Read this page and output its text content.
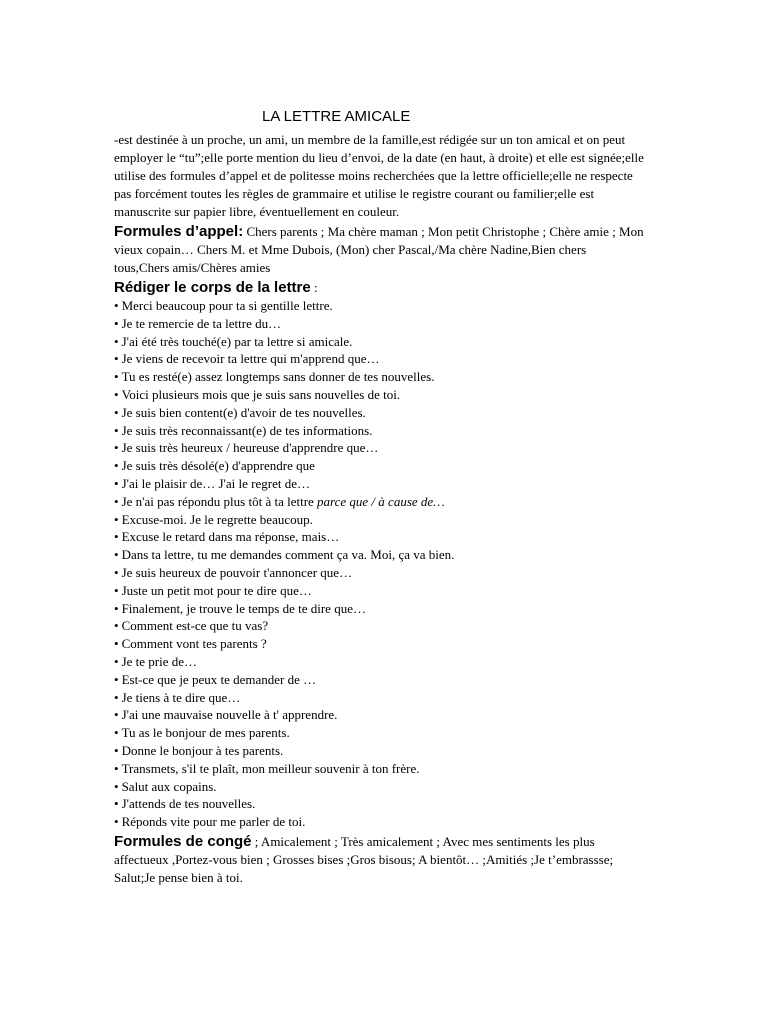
LA LETTRE AMICALE

-est destinée à un proche, un ami, un membre de la famille,est rédigée sur un ton amical et on peut employer le “tu”;elle porte mention du lieu d’envoi, de la date (en haut, à droite) et elle est signée;elle utilise des formules d’appel et de politesse moins recherchées que la lettre officielle;elle ne respecte pas forcément toutes les règles de grammaire et utilise le registre courant ou familier;elle est manuscrite sur papier libre, éventuellement en couleur.

Formules d’appel: Chers parents ; Ma chère maman ; Mon petit Christophe ; Chère amie ; Mon vieux copain… Chers M. et Mme Dubois, (Mon) cher Pascal,/Ma chère Nadine,Bien chers tous,Chers amis/Chères amies
Rédiger le corps de la lettre :
• Merci beaucoup pour ta si gentille lettre.
• Je te remercie de ta lettre du…
• J'ai été très touché(e) par ta lettre si amicale.
• Je viens de recevoir ta lettre qui m'apprend que…
• Tu es resté(e) assez longtemps sans donner de tes nouvelles.
• Voici plusieurs mois que je suis sans nouvelles de toi.
• Je suis bien content(e) d'avoir de tes nouvelles.
• Je suis très reconnaissant(e) de tes informations.
• Je suis très heureux / heureuse d'apprendre que…
• Je suis très désolé(e) d'apprendre que
• J'ai le plaisir de… J'ai le regret de…
• Je n'ai pas répondu plus tôt à ta lettre parce que / à cause de…
• Excuse-moi. Je le regrette beaucoup.
• Excuse le retard dans ma réponse, mais…
• Dans ta lettre, tu me demandes comment ça va. Moi, ça va bien.
• Je suis heureux de pouvoir t'annoncer que…
• Juste un petit mot pour te dire que…
• Finalement, je trouve le temps de te dire que…
• Comment est-ce que tu vas?
• Comment vont tes parents ?
• Je te prie de…
• Est-ce que je peux te demander de …
• Je tiens à te dire que…
• J'ai une mauvaise nouvelle à t' apprendre.
• Tu as le bonjour de mes parents.
• Donne le bonjour à tes parents.
• Transmets, s'il te plaît, mon meilleur souvenir à ton frère.
• Salut aux copains.
• J'attends de tes nouvelles.
• Réponds vite pour me parler de toi.
Formules de congé ; Amicalement ; Très amicalement ; Avec mes sentiments les plus affectueux ,Portez-vous bien ; Grosses bises ;Gros bisous; A bientôt… ;Amitiés ;Je t’embrassse; Salut;Je pense bien à toi.
